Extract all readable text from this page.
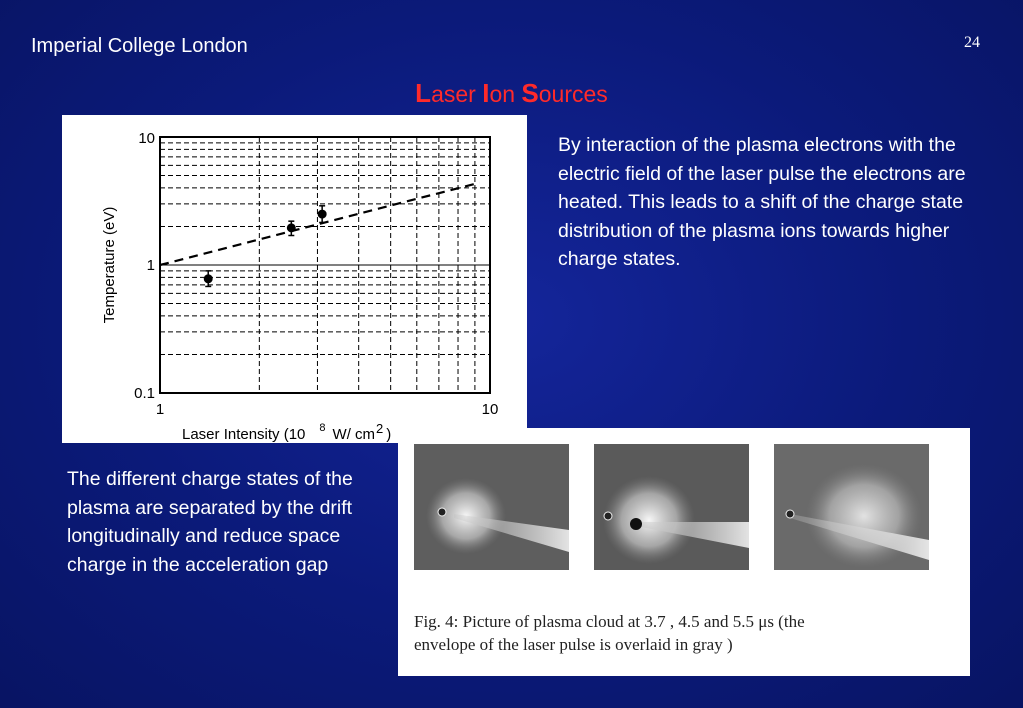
Imperial College London	24
Laser Ion Sources
By interaction of the plasma electrons with the electric field of the laser pulse the electrons are heated. This leads to a shift of the charge state distribution of the plasma ions towards higher charge states.
The different charge states of the plasma are separated by the drift longitudinally and reduce space charge in the acceleration gap
1	10
10
1
0.1
Temperature (eV)
Laser Intensity (10 $^8$ W/ cm2 )
Fig. 4: Picture of plasma cloud at 3.7 , 4.5 and 5.5 μs (the
envelope of the laser pulse is overlaid in gray )
